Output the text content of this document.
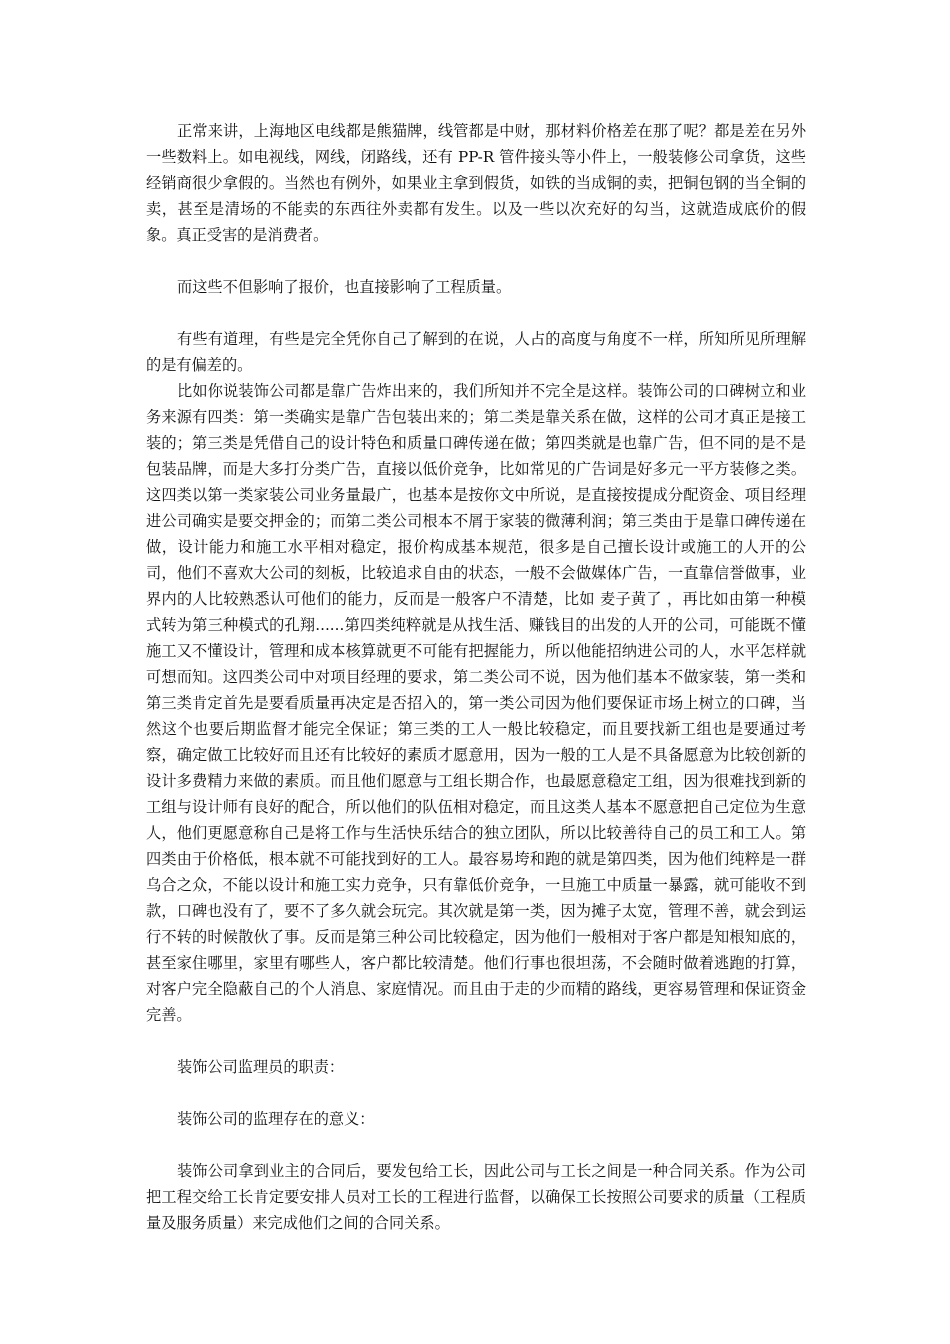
正常来讲，上海地区电线都是熊猫牌，线管都是中财，那材料价格差在那了呢？都是差在另外一些数料上。如电视线，网线，闭路线，还有 PP-R 管件接头等小件上，一般装修公司拿货，这些经销商很少拿假的。当然也有例外，如果业主拿到假货，如铁的当成铜的卖，把铜包钢的当全铜的卖，甚至是清场的不能卖的东西往外卖都有发生。以及一些以次充好的勾当，这就造成底价的假象。真正受害的是消费者。

而这些不但影响了报价，也直接影响了工程质量。

有些有道理，有些是完全凭你自己了解到的在说，人占的高度与角度不一样，所知所见所理解的是有偏差的。

比如你说装饰公司都是靠广告炸出来的，我们所知并不完全是这样。装饰公司的口碑树立和业务来源有四类：第一类确实是靠广告包装出来的；第二类是靠关系在做，这样的公司才真正是接工装的；第三类是凭借自己的设计特色和质量口碑传递在做；第四类就是也靠广告，但不同的是不是包装品牌，而是大多打分类广告，直接以低价竞争，比如常见的广告词是好多元一平方装修之类。这四类以第一类家装公司业务量最广，也基本是按你文中所说，是直接按提成分配资金、项目经理进公司确实是要交押金的；而第二类公司根本不屑于家装的微薄利润；第三类由于是靠口碑传递在做，设计能力和施工水平相对稳定，报价构成基本规范，很多是自己擅长设计或施工的人开的公司，他们不喜欢大公司的刻板，比较追求自由的状态，一般不会做媒体广告，一直靠信誉做事，业界内的人比较熟悉认可他们的能力，反而是一般客户不清楚，比如 麦子黄了 ，再比如由第一种模式转为第三种模式的孔翔......第四类纯粹就是从找生活、赚钱目的出发的人开的公司，可能既不懂施工又不懂设计，管理和成本核算就更不可能有把握能力，所以他能招纳进公司的人，水平怎样就可想而知。这四类公司中对项目经理的要求，第二类公司不说，因为他们基本不做家装，第一类和第三类肯定首先是要看质量再决定是否招入的，第一类公司因为他们要保证市场上树立的口碑，当然这个也要后期监督才能完全保证；第三类的工人一般比较稳定，而且要找新工组也是要通过考察，确定做工比较好而且还有比较好的素质才愿意用，因为一般的工人是不具备愿意为比较创新的设计多费精力来做的素质。而且他们愿意与工组长期合作，也最愿意稳定工组，因为很难找到新的工组与设计师有良好的配合，所以他们的队伍相对稳定，而且这类人基本不愿意把自己定位为生意人，他们更愿意称自己是将工作与生活快乐结合的独立团队，所以比较善待自己的员工和工人。第四类由于价格低，根本就不可能找到好的工人。最容易垮和跑的就是第四类，因为他们纯粹是一群乌合之众，不能以设计和施工实力竞争，只有靠低价竞争，一旦施工中质量一暴露，就可能收不到款，口碑也没有了，要不了多久就会玩完。其次就是第一类，因为摊子太宽，管理不善，就会到运行不转的时候散伙了事。反而是第三种公司比较稳定，因为他们一般相对于客户都是知根知底的，甚至家住哪里，家里有哪些人，客户都比较清楚。他们行事也很坦荡，不会随时做着逃跑的打算，对客户完全隐蔽自己的个人消息、家庭情况。而且由于走的少而精的路线，更容易管理和保证资金完善。

装饰公司监理员的职责：

装饰公司的监理存在的意义：

装饰公司拿到业主的合同后，要发包给工长，因此公司与工长之间是一种合同关系。作为公司把工程交给工长肯定要安排人员对工长的工程进行监督，以确保工长按照公司要求的质量（工程质量及服务质量）来完成他们之间的合同关系。
